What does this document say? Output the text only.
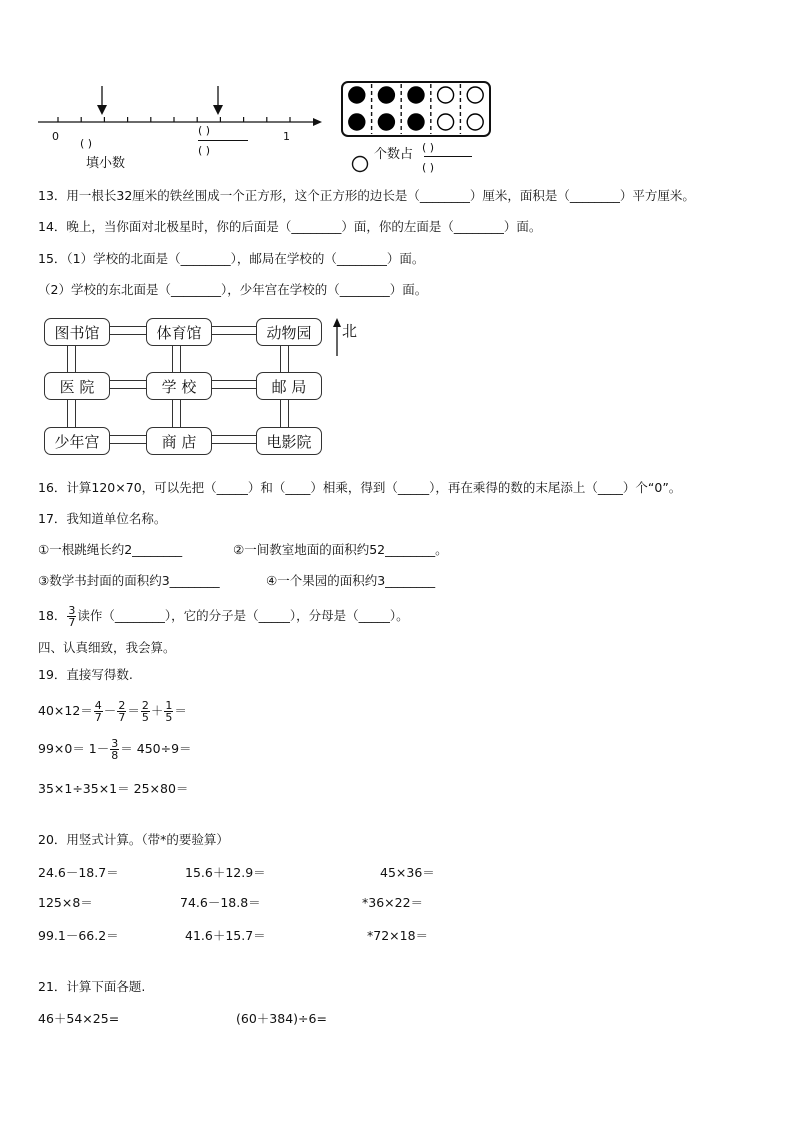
0	1
( )
( )
( )
填小数
个数占 ( )
( )
13．用一根长32厘米的铁丝围成一个正方形，这个正方形的边长是（________）厘米，面积是（________）平方厘米。
14．晚上，当你面对北极星时，你的后面是（________）面，你的左面是（________）面。
15．（1）学校的北面是（________），邮局在学校的（________）面。
（2）学校的东北面是（________），少年宫在学校的（________）面。
图书馆	体育馆	动物园
医 院	学 校	邮 局
少年宫	商 店	电影院
北
16．计算120×70，可以先把（_____）和（____）相乘，得到（_____），再在乘得的数的末尾添上（____）个“0”。
17．我知道单位名称。
①一根跳绳长约2________	②一间教室地面的面积约52________。
③数学书封面的面积约3________	④一个果园的面积约3________
18． $\frac{3}{7}$ 读作（________），它的分子是（_____），分母是（_____）。
四、认真细致，我会算。
19．直接写得数.
$40\times 12= \frac{4}{7} - \frac{2}{7} = \frac{2}{5} + \frac{1}{5}$ ＝
$99\times 0= 1- \frac{3}{8} = 450\div 9=$
35×1÷35×1＝ 25×80＝
20．用竖式计算。（带*的要验算）
24.6－18.7＝	15.6＋12.9＝	45×36＝
125×8＝	74.6－18.8＝	*36×22＝
99.1－66.2＝	41.6＋15.7＝	*72×18＝
21．计算下面各题.
46＋54×25=	(60＋384)÷6=
